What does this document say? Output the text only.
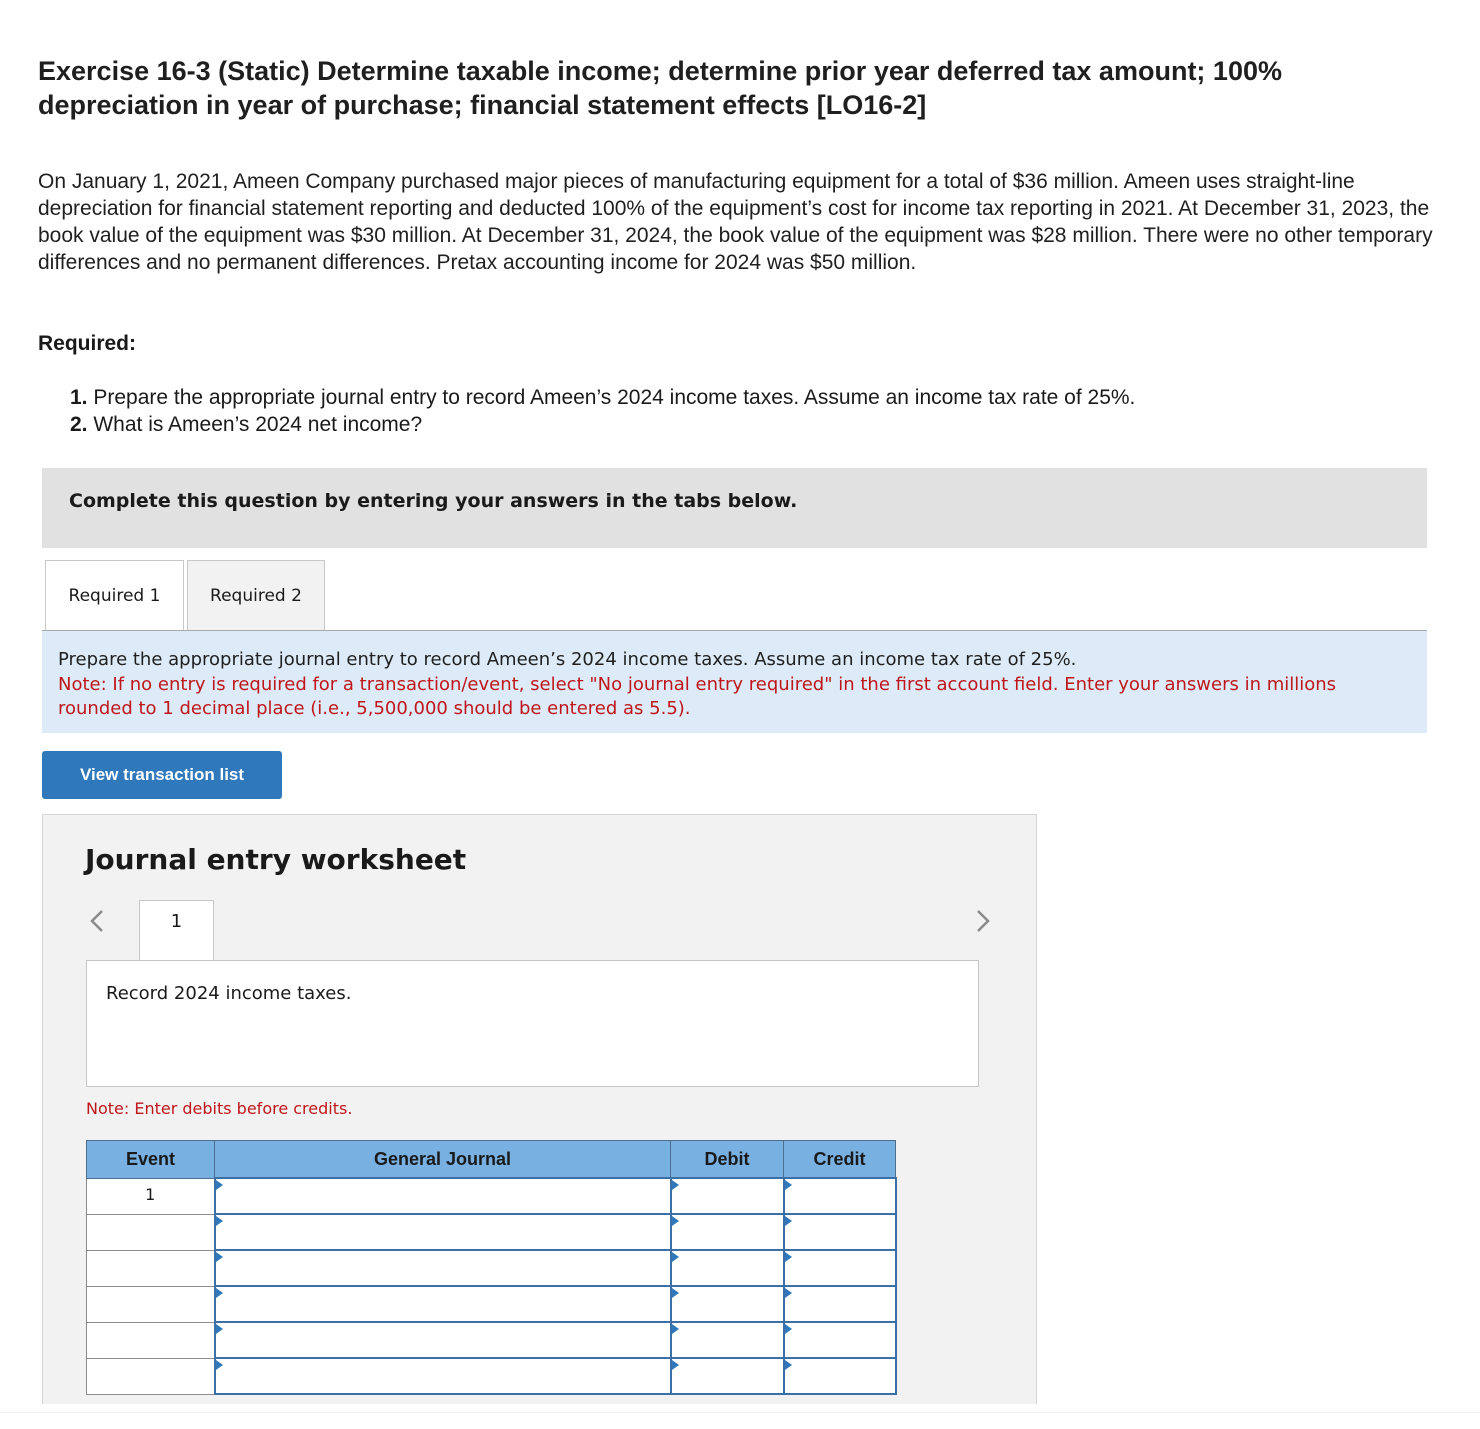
Exercise 16-3 (Static) Determine taxable income; determine prior year deferred tax amount; 100% depreciation in year of purchase; financial statement effects [LO16-2]

On January 1, 2021, Ameen Company purchased major pieces of manufacturing equipment for a total of $36 million. Ameen uses straight-line depreciation for financial statement reporting and deducted 100% of the equipment’s cost for income tax reporting in 2021. At December 31, 2023, the book value of the equipment was $30 million. At December 31, 2024, the book value of the equipment was $28 million. There were no other temporary differences and no permanent differences. Pretax accounting income for 2024 was $50 million.

Required:
1. Prepare the appropriate journal entry to record Ameen’s 2024 income taxes. Assume an income tax rate of 25%.
2. What is Ameen’s 2024 net income?
Complete this question by entering your answers in the tabs below.
Required 1	Required 2
Prepare the appropriate journal entry to record Ameen’s 2024 income taxes. Assume an income tax rate of 25%.
Note: If no entry is required for a transaction/event, select "No journal entry required" in the first account field. Enter your answers in millions rounded to 1 decimal place (i.e., 5,500,000 should be entered as 5.5).
View transaction list
Journal entry worksheet
1
Record 2024 income taxes.
Note: Enter debits before credits.
Event	General Journal	Debit	Credit

1			
